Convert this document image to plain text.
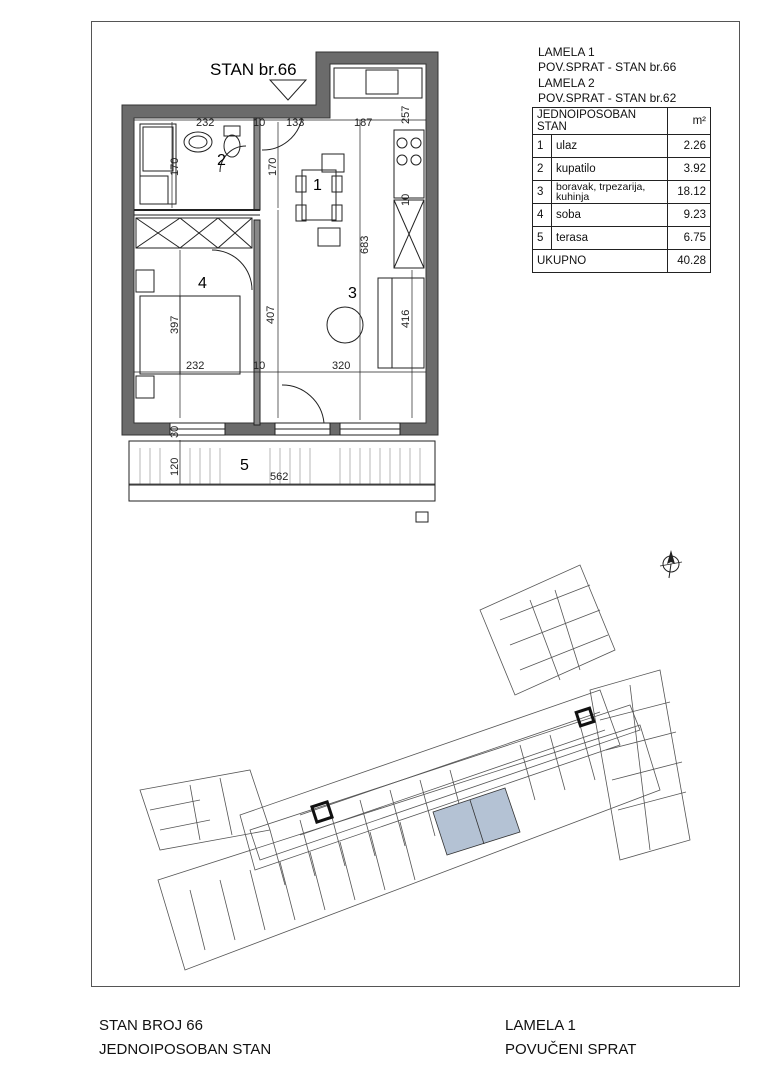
STAN br.66
1
2
3
4
5
232	10 133	187	257
170	170
683
397
407	416
232	10	320
30
120
562
10
LAMELA 1
POV.SPRAT - STAN br.66
LAMELA 2
POV.SPRAT - STAN br.62
JEDNOIPOSOBAN STAN		m²
1	ulaz	2.26
2	kupatilo	3.92
3	boravak, trpezarija, kuhinja	18.12
4	soba	9.23
5	terasa	6.75
UKUPNO		40.28
STAN BROJ 66
JEDNOIPOSOBAN STAN
LAMELA 1
POVUČENI SPRAT
